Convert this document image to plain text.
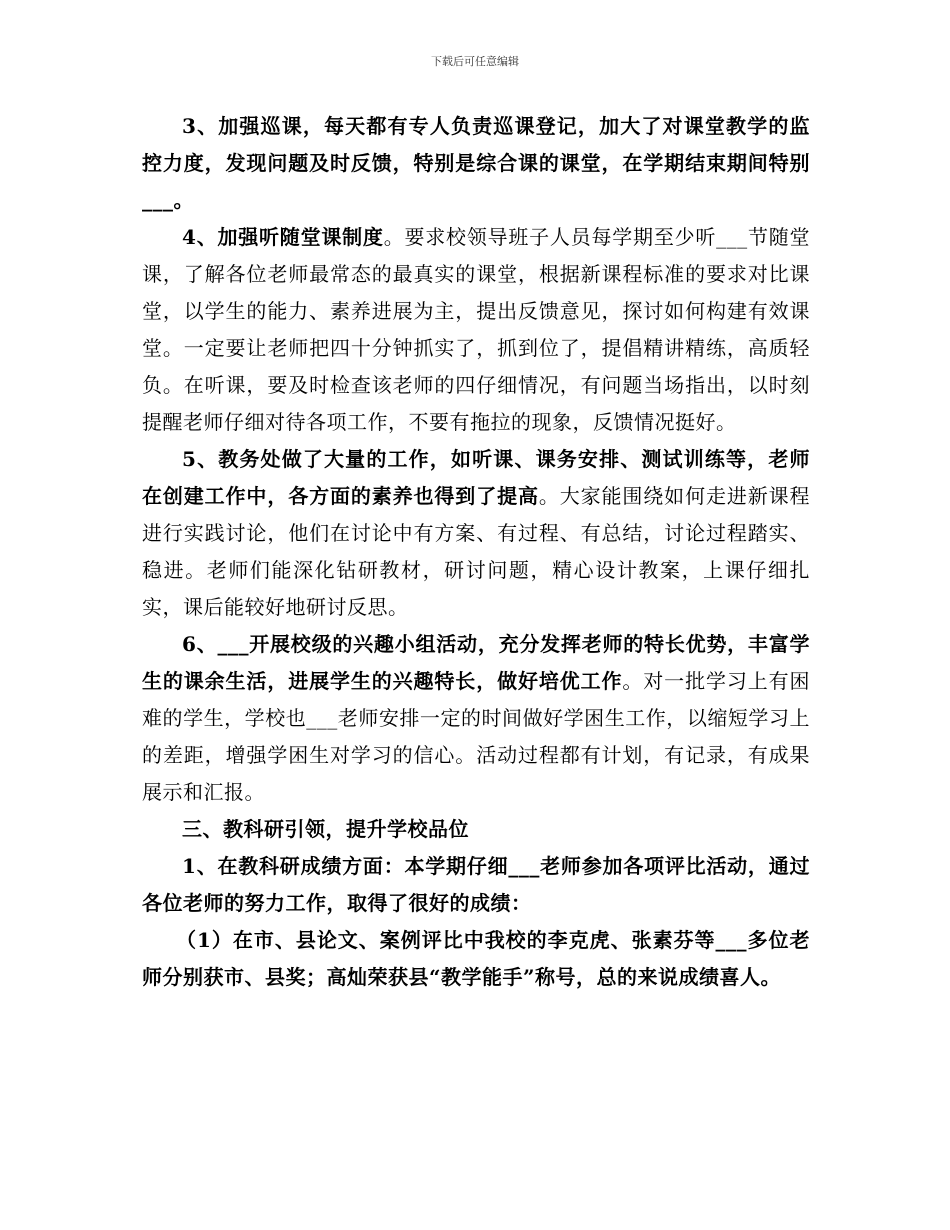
下载后可任意编辑

3、加强巡课，每天都有专人负责巡课登记，加大了对课堂教学的监控力度，发现问题及时反馈，特别是综合课的课堂，在学期结束期间特别___。

4、加强听随堂课制度。要求校领导班子人员每学期至少听___节随堂课，了解各位老师最常态的最真实的课堂，根据新课程标准的要求对比课堂，以学生的能力、素养进展为主，提出反馈意见，探讨如何构建有效课堂。一定要让老师把四十分钟抓实了，抓到位了，提倡精讲精练，高质轻负。在听课，要及时检查该老师的四仔细情况，有问题当场指出，以时刻提醒老师仔细对待各项工作，不要有拖拉的现象，反馈情况挺好。

5、教务处做了大量的工作，如听课、课务安排、测试训练等，老师在创建工作中，各方面的素养也得到了提高。大家能围绕如何走进新课程进行实践讨论，他们在讨论中有方案、有过程、有总结，讨论过程踏实、稳进。老师们能深化钻研教材，研讨问题，精心设计教案，上课仔细扎实，课后能较好地研讨反思。

6、___开展校级的兴趣小组活动，充分发挥老师的特长优势，丰富学生的课余生活，进展学生的兴趣特长，做好培优工作。对一批学习上有困难的学生，学校也___老师安排一定的时间做好学困生工作，以缩短学习上的差距，增强学困生对学习的信心。活动过程都有计划，有记录，有成果展示和汇报。

三、教科研引领，提升学校品位

1、在教科研成绩方面：本学期仔细___老师参加各项评比活动，通过各位老师的努力工作，取得了很好的成绩：

（1）在市、县论文、案例评比中我校的李克虎、张素芬等___多位老师分别获市、县奖；高灿荣获县“教学能手”称号，总的来说成绩喜人。
